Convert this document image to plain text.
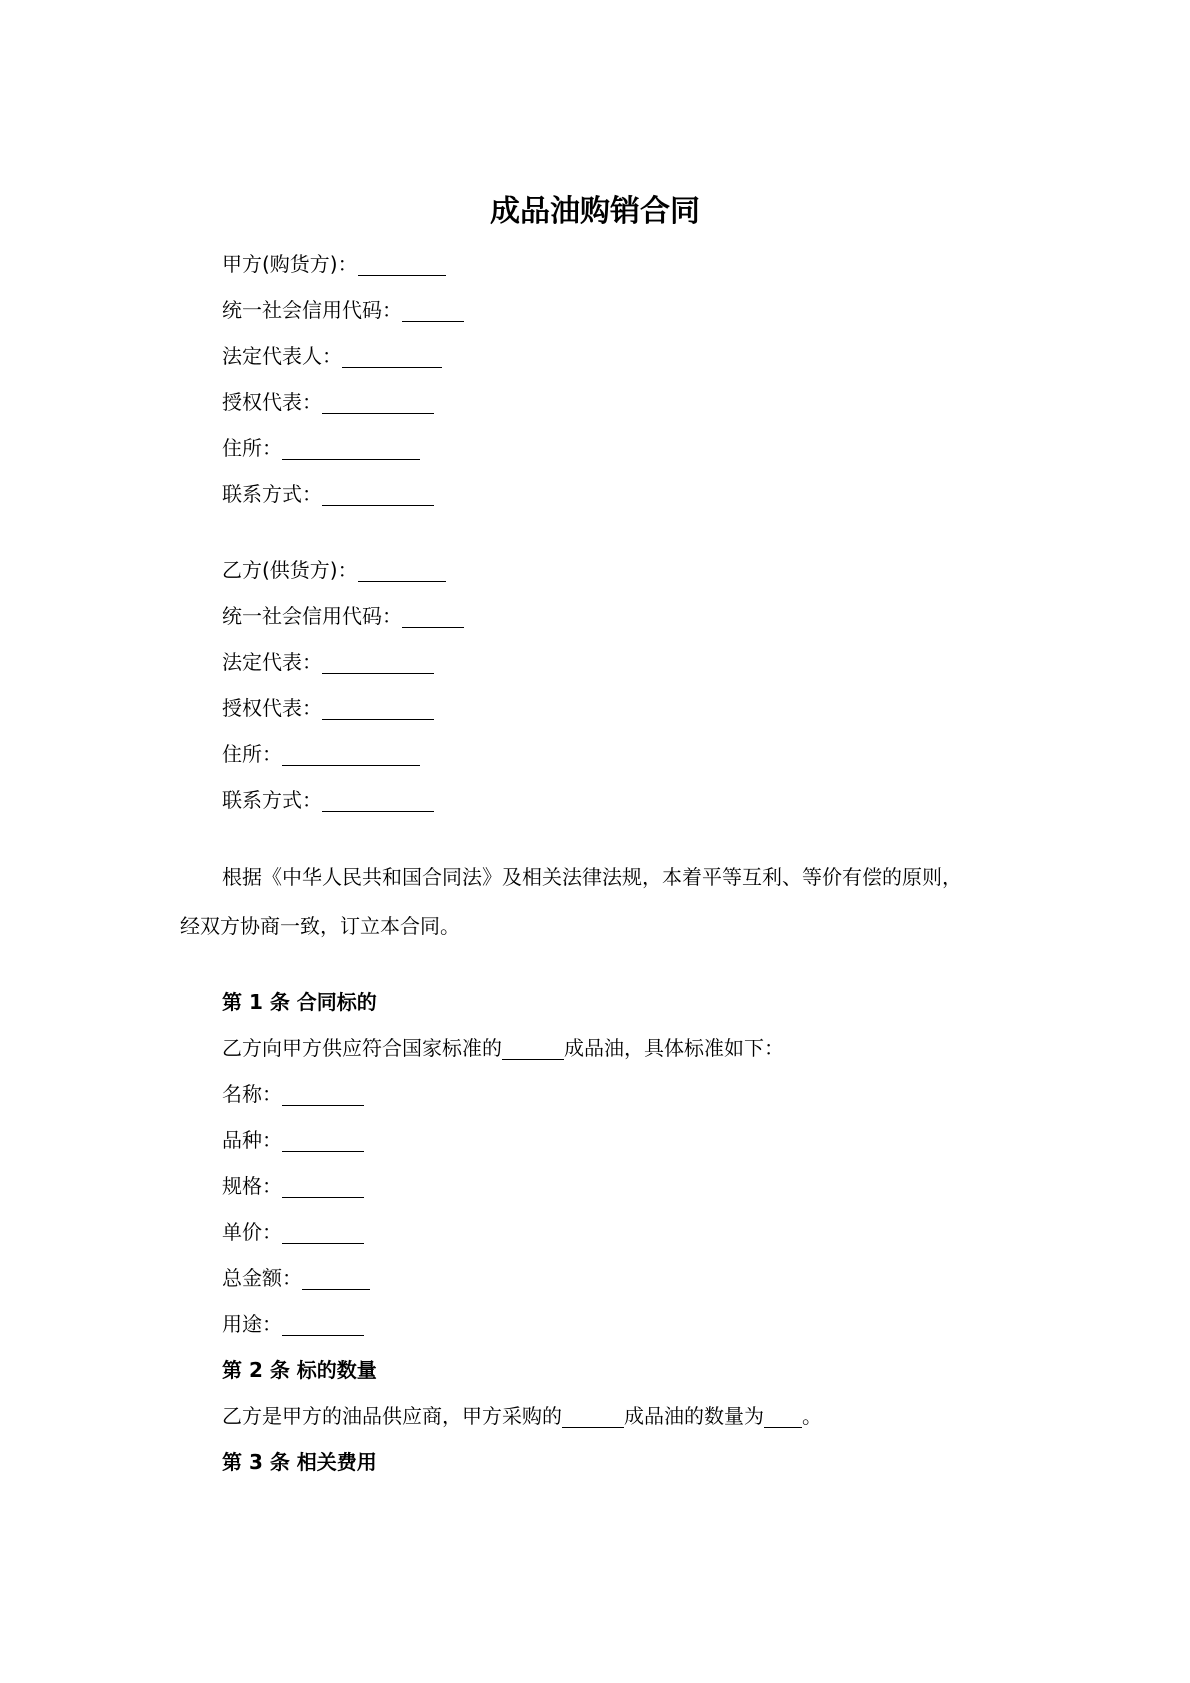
成品油购销合同
甲方(购货方)：
统一社会信用代码：
法定代表人：
授权代表：
住所：
联系方式：
乙方(供货方)：
统一社会信用代码：
法定代表：
授权代表：
住所：
联系方式：
根据《中华人民共和国合同法》及相关法律法规，本着平等互利、等价有偿的原则，
经双方协商一致，订立本合同。
第 1 条 合同标的
乙方向甲方供应符合国家标准的	成品油，具体标准如下：
名称：
品种：
规格：
单价：
总金额：
用途：
第 2 条 标的数量
乙方是甲方的油品供应商，甲方采购的	成品油的数量为 。
第 3 条 相关费用
